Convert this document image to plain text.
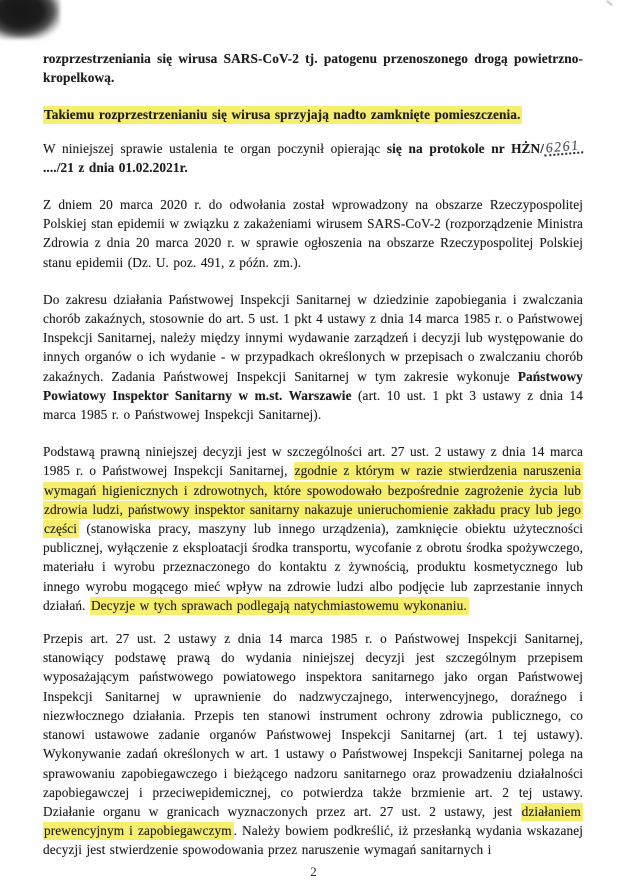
rozprzestrzeniania się wirusa SARS-CoV-2 tj. patogenu przenoszonego drogą powietrzno-kropelkową.

Takiemu rozprzestrzenianiu się wirusa sprzyjają nadto zamknięte pomieszczenia.

W niniejszej sprawie ustalenia te organ poczynił opierając się na protokole nr HŻN/6261..../21 z dnia 01.02.2021r.

Z dniem 20 marca 2020 r. do odwołania został wprowadzony na obszarze Rzeczypospolitej Polskiej stan epidemii w związku z zakażeniami wirusem SARS-CoV-2 (rozporządzenie Ministra Zdrowia z dnia 20 marca 2020 r. w sprawie ogłoszenia na obszarze Rzeczypospolitej Polskiej stanu epidemii (Dz. U. poz. 491, z późn. zm.).

Do zakresu działania Państwowej Inspekcji Sanitarnej w dziedzinie zapobiegania i zwalczania chorób zakaźnych, stosownie do art. 5 ust. 1 pkt 4 ustawy z dnia 14 marca 1985 r. o Państwowej Inspekcji Sanitarnej, należy między innymi wydawanie zarządzeń i decyzji lub występowanie do innych organów o ich wydanie - w przypadkach określonych w przepisach o zwalczaniu chorób zakaźnych. Zadania Państwowej Inspekcji Sanitarnej w tym zakresie wykonuje Państwowy Powiatowy Inspektor Sanitarny w m.st. Warszawie (art. 10 ust. 1 pkt 3 ustawy z dnia 14 marca 1985 r. o Państwowej Inspekcji Sanitarnej).

Podstawą prawną niniejszej decyzji jest w szczególności art. 27 ust. 2 ustawy z dnia 14 marca 1985 r. o Państwowej Inspekcji Sanitarnej, zgodnie z którym w razie stwierdzenia naruszenia wymagań higienicznych i zdrowotnych, które spowodowało bezpośrednie zagrożenie życia lub zdrowia ludzi, państwowy inspektor sanitarny nakazuje unieruchomienie zakładu pracy lub jego części (stanowiska pracy, maszyny lub innego urządzenia), zamknięcie obiektu użyteczności publicznej, wyłączenie z eksploatacji środka transportu, wycofanie z obrotu środka spożywczego, materiału i wyrobu przeznaczonego do kontaktu z żywnością, produktu kosmetycznego lub innego wyrobu mogącego mieć wpływ na zdrowie ludzi albo podjęcie lub zaprzestanie innych działań. Decyzje w tych sprawach podlegają natychmiastowemu wykonaniu.

Przepis art. 27 ust. 2 ustawy z dnia 14 marca 1985 r. o Państwowej Inspekcji Sanitarnej, stanowiący podstawę prawą do wydania niniejszej decyzji jest szczególnym przepisem wyposażającym państwowego powiatowego inspektora sanitarnego jako organ Państwowej Inspekcji Sanitarnej w uprawnienie do nadzwyczajnego, interwencyjnego, doraźnego i niezwłocznego działania. Przepis ten stanowi instrument ochrony zdrowia publicznego, co stanowi ustawowe zadanie organów Państwowej Inspekcji Sanitarnej (art. 1 tej ustawy). Wykonywanie zadań określonych w art. 1 ustawy o Państwowej Inspekcji Sanitarnej polega na sprawowaniu zapobiegawczego i bieżącego nadzoru sanitarnego oraz prowadzeniu działalności zapobiegawczej i przeciwepidemicznej, co potwierdza także brzmienie art. 2 tej ustawy. Działanie organu w granicach wyznaczonych przez art. 27 ust. 2 ustawy, jest działaniem prewencyjnym i zapobiegawczym . Należy bowiem podkreślić, iż przesłanką wydania wskazanej decyzji jest stwierdzenie spowodowania przez naruszenie wymagań sanitarnych i

2
